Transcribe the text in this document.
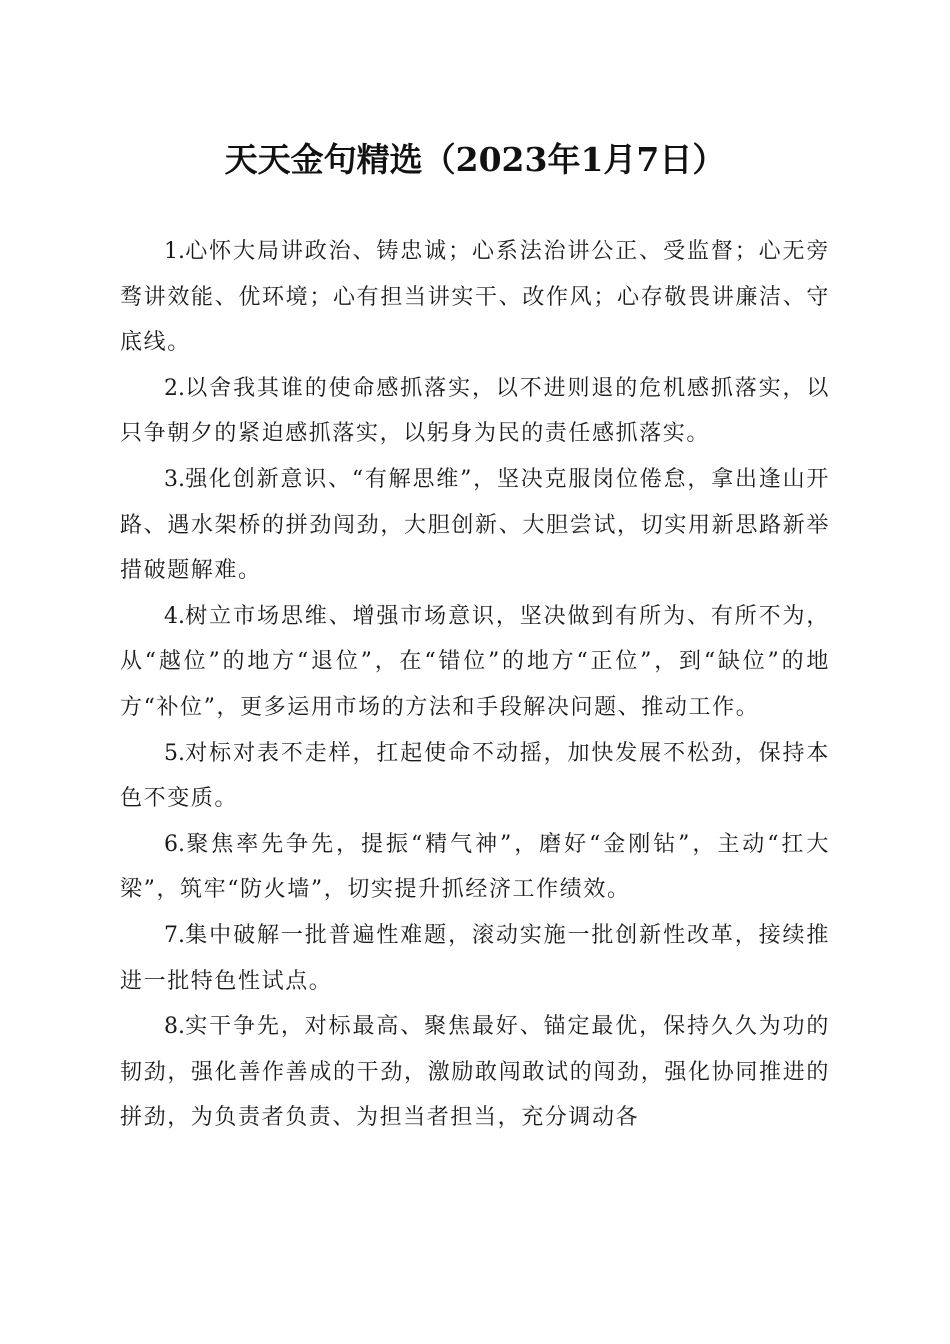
天天金句精选（2023年1月7日）

1.心怀大局讲政治、铸忠诚；心系法治讲公正、受监督；心无旁骛讲效能、优环境；心有担当讲实干、改作风；心存敬畏讲廉洁、守底线。

2.以舍我其谁的使命感抓落实，以不进则退的危机感抓落实，以只争朝夕的紧迫感抓落实，以躬身为民的责任感抓落实。

3.强化创新意识、“有解思维”，坚决克服岗位倦怠，拿出逢山开路、遇水架桥的拼劲闯劲，大胆创新、大胆尝试，切实用新思路新举措破题解难。

4.树立市场思维、增强市场意识，坚决做到有所为、有所不为，从“越位”的地方“退位”，在“错位”的地方“正位”，到“缺位”的地方“补位”，更多运用市场的方法和手段解决问题、推动工作。

5.对标对表不走样，扛起使命不动摇，加快发展不松劲，保持本色不变质。

6.聚焦率先争先，提振“精气神”，磨好“金刚钻”，主动“扛大梁”，筑牢“防火墙”，切实提升抓经济工作绩效。

7.集中破解一批普遍性难题，滚动实施一批创新性改革，接续推进一批特色性试点。

8.实干争先，对标最高、聚焦最好、锚定最优，保持久久为功的韧劲，强化善作善成的干劲，激励敢闯敢试的闯劲，强化协同推进的拼劲，为负责者负责、为担当者担当，充分调动各
